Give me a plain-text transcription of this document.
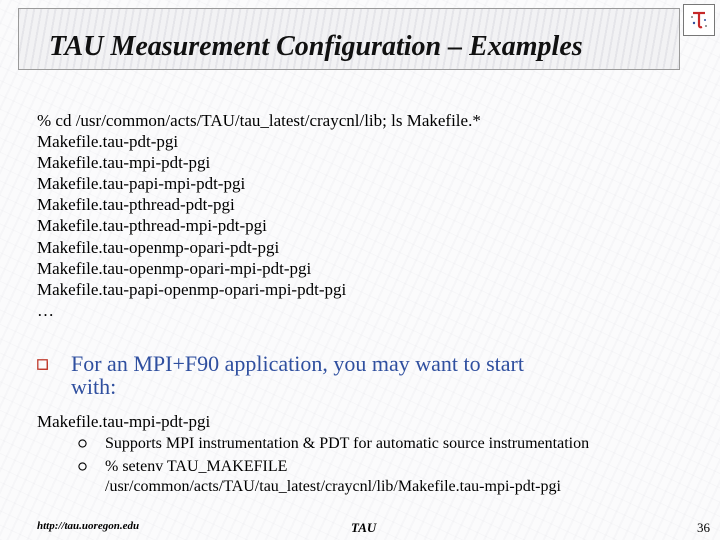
TAU Measurement Configuration – Examples
% cd /usr/common/acts/TAU/tau_latest/craycnl/lib; ls Makefile.*
Makefile.tau-pdt-pgi
Makefile.tau-mpi-pdt-pgi
Makefile.tau-papi-mpi-pdt-pgi
Makefile.tau-pthread-pdt-pgi
Makefile.tau-pthread-mpi-pdt-pgi
Makefile.tau-openmp-opari-pdt-pgi
Makefile.tau-openmp-opari-mpi-pdt-pgi
Makefile.tau-papi-openmp-opari-mpi-pdt-pgi
…
For an MPI+F90 application, you may want to start
with:
Makefile.tau-mpi-pdt-pgi
Supports MPI instrumentation & PDT for automatic source instrumentation
% setenv TAU_MAKEFILE
/usr/common/acts/TAU/tau_latest/craycnl/lib/Makefile.tau-mpi-pdt-pgi
http://tau.uoregon.edu	TAU	36
